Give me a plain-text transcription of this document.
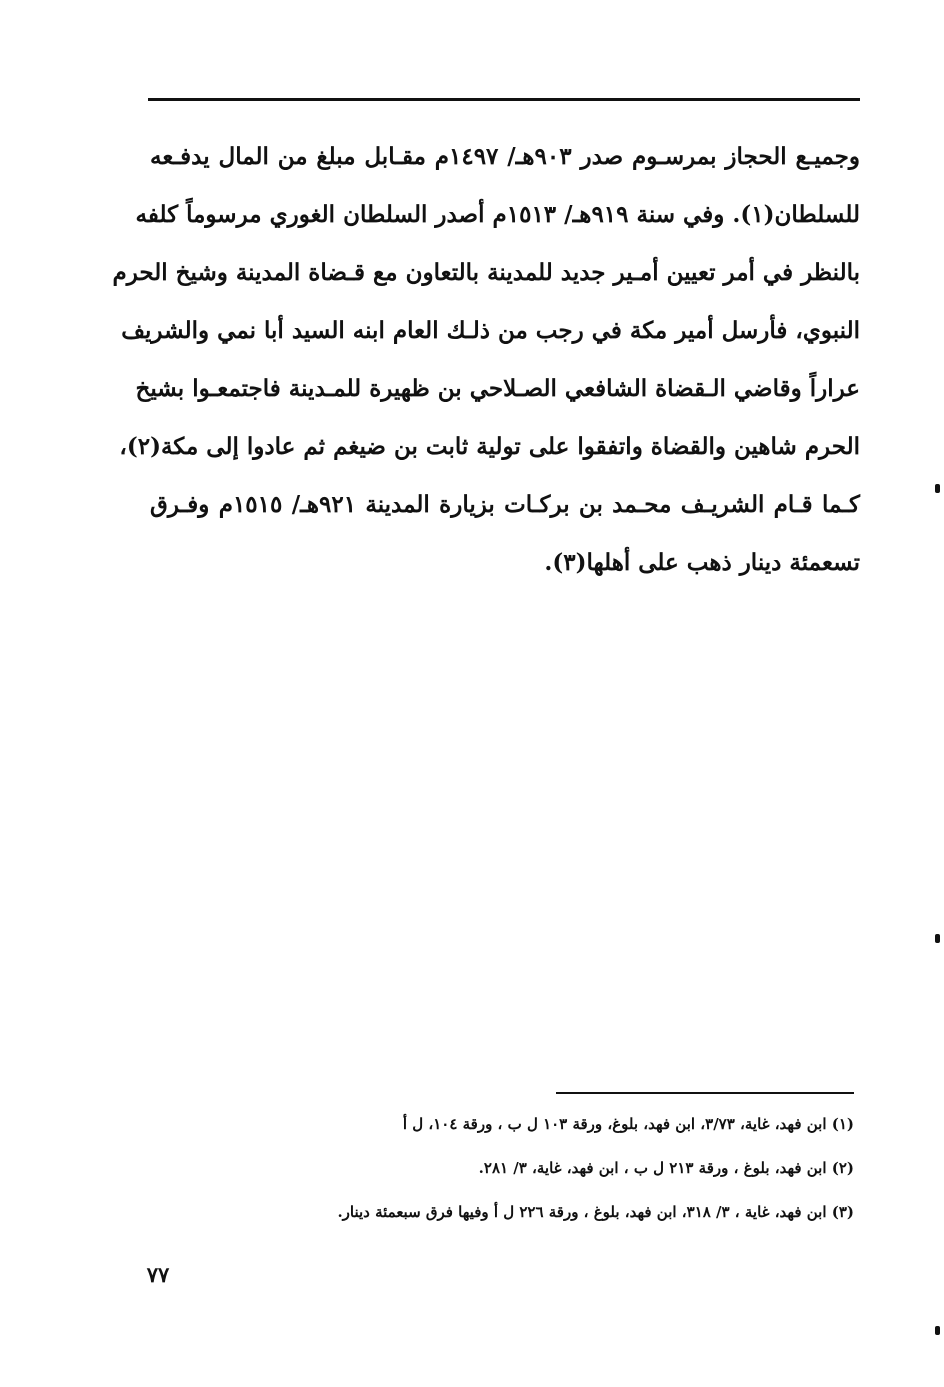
وجميـع الحجاز بمرسـوم صدر ٩٠٣هـ/ ١٤٩٧م مقـابل مبلغ من المال يدفـعه
للسلطان(١). وفي سنة ٩١٩هـ/ ١٥١٣م أصدر السلطان الغوري مرسوماً كلفه
بالنظر في أمر تعيين أمـير جديد للمدينة بالتعاون مع قـضاة المدينة وشيخ الحرم
النبوي، فأرسل أمير مكة في رجب من ذلـك العام ابنه السيد أبا نمي والشريف
عراراً وقاضي الـقضاة الشافعي الصـلاحي بن ظهيرة للمـدينة فاجتمعـوا بشيخ
الحرم شاهين والقضاة واتفقوا على تولية ثابت بن ضيغم ثم عادوا إلى مكة(٢)،
كـما قـام الشريـف محـمد بن بركـات بزيارة المدينة ٩٢١هـ/ ١٥١٥م وفـرق
تسعمئة دينار ذهب على أهلها(٣).
(١) ابن فهد، غاية، ٣/٧٣، ابن فهد، بلوغ، ورقة ١٠٣ ل ب ، ورقة ١٠٤، ل أ
(٢) ابن فهد، بلوغ ، ورقة ٢١٣ ل ب ، ابن فهد، غاية، ٣/ ٢٨١.
(٣) ابن فهد، غاية ، ٣/ ٣١٨، ابن فهد، بلوغ ، ورقة ٢٢٦ ل أ وفيها فرق سبعمئة دينار.
٧٧
